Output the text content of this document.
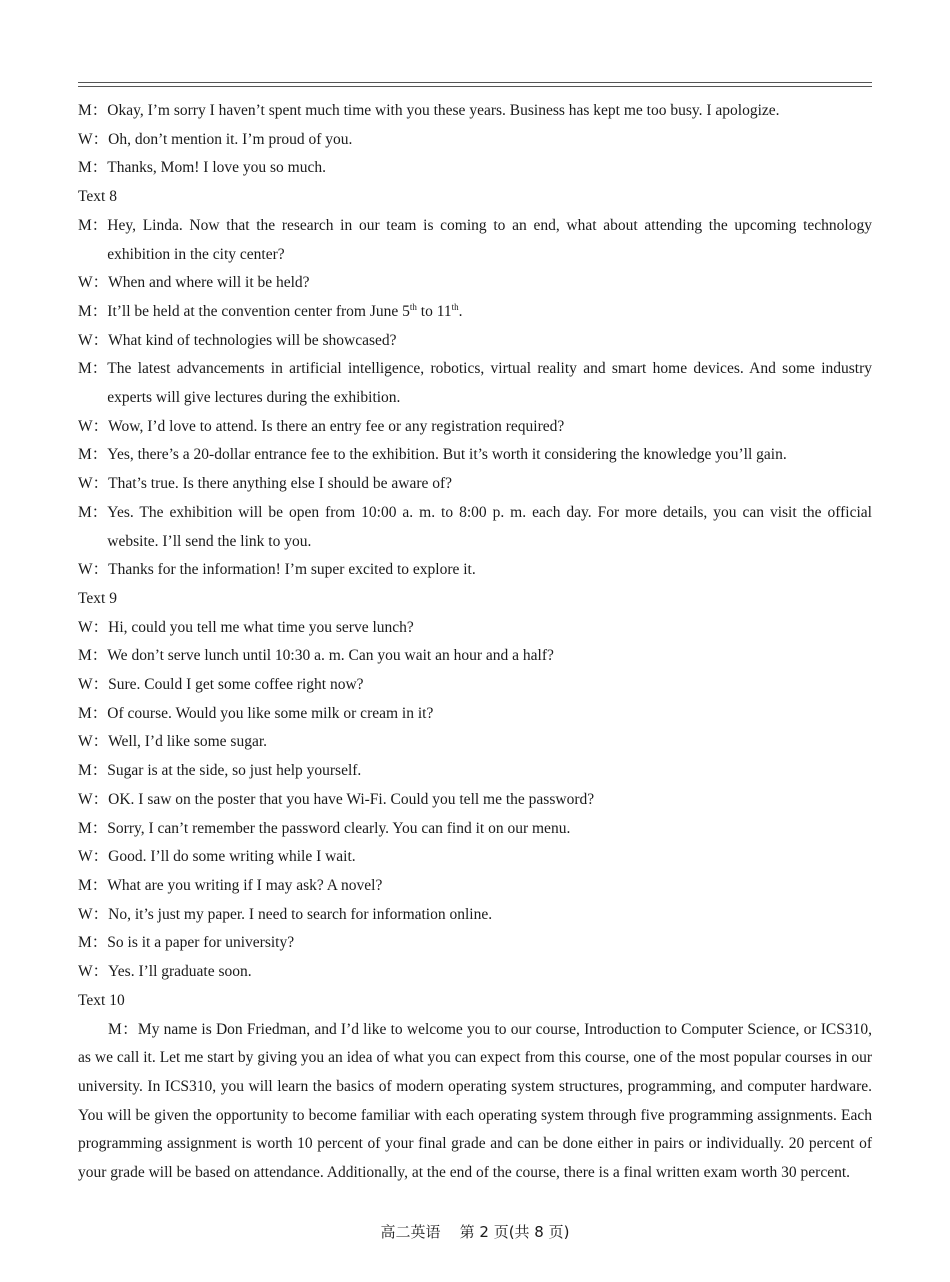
M： Okay, I’m sorry I haven’t spent much time with you these years. Business has kept me too busy. I apologize.
W： Oh, don’t mention it. I’m proud of you.
M： Thanks, Mom! I love you so much.
Text 8
M： Hey, Linda. Now that the research in our team is coming to an end, what about attending the upcoming technology exhibition in the city center?
W： When and where will it be held?
M： It’ll be held at the convention center from June 5th to 11th.
W： What kind of technologies will be showcased?
M： The latest advancements in artificial intelligence, robotics, virtual reality and smart home devices. And some industry experts will give lectures during the exhibition.
W： Wow, I’d love to attend. Is there an entry fee or any registration required?
M： Yes, there’s a 20-dollar entrance fee to the exhibition. But it’s worth it considering the knowledge you’ll gain.
W： That’s true. Is there anything else I should be aware of?
M： Yes. The exhibition will be open from 10:00 a. m. to 8:00 p. m. each day. For more details, you can visit the official website. I’ll send the link to you.
W： Thanks for the information! I’m super excited to explore it.
Text 9
W： Hi, could you tell me what time you serve lunch?
M： We don’t serve lunch until 10:30 a. m. Can you wait an hour and a half?
W： Sure. Could I get some coffee right now?
M： Of course. Would you like some milk or cream in it?
W： Well, I’d like some sugar.
M： Sugar is at the side, so just help yourself.
W： OK. I saw on the poster that you have Wi-Fi. Could you tell me the password?
M： Sorry, I can’t remember the password clearly. You can find it on our menu.
W： Good. I’ll do some writing while I wait.
M： What are you writing if I may ask? A novel?
W： No, it’s just my paper. I need to search for information online.
M： So is it a paper for university?
W： Yes. I’ll graduate soon.
Text 10
M：My name is Don Friedman, and I’d like to welcome you to our course, Introduction to Computer Science, or ICS310, as we call it. Let me start by giving you an idea of what you can expect from this course, one of the most popular courses in our university. In ICS310, you will learn the basics of modern operating system structures, programming, and computer hardware. You will be given the opportunity to become familiar with each operating system through five programming assignments. Each programming assignment is worth 10 percent of your final grade and can be done either in pairs or individually. 20 percent of your grade will be based on attendance. Additionally, at the end of the course, there is a final written exam worth 30 percent.
高二英语 第 2 页(共 8 页)
